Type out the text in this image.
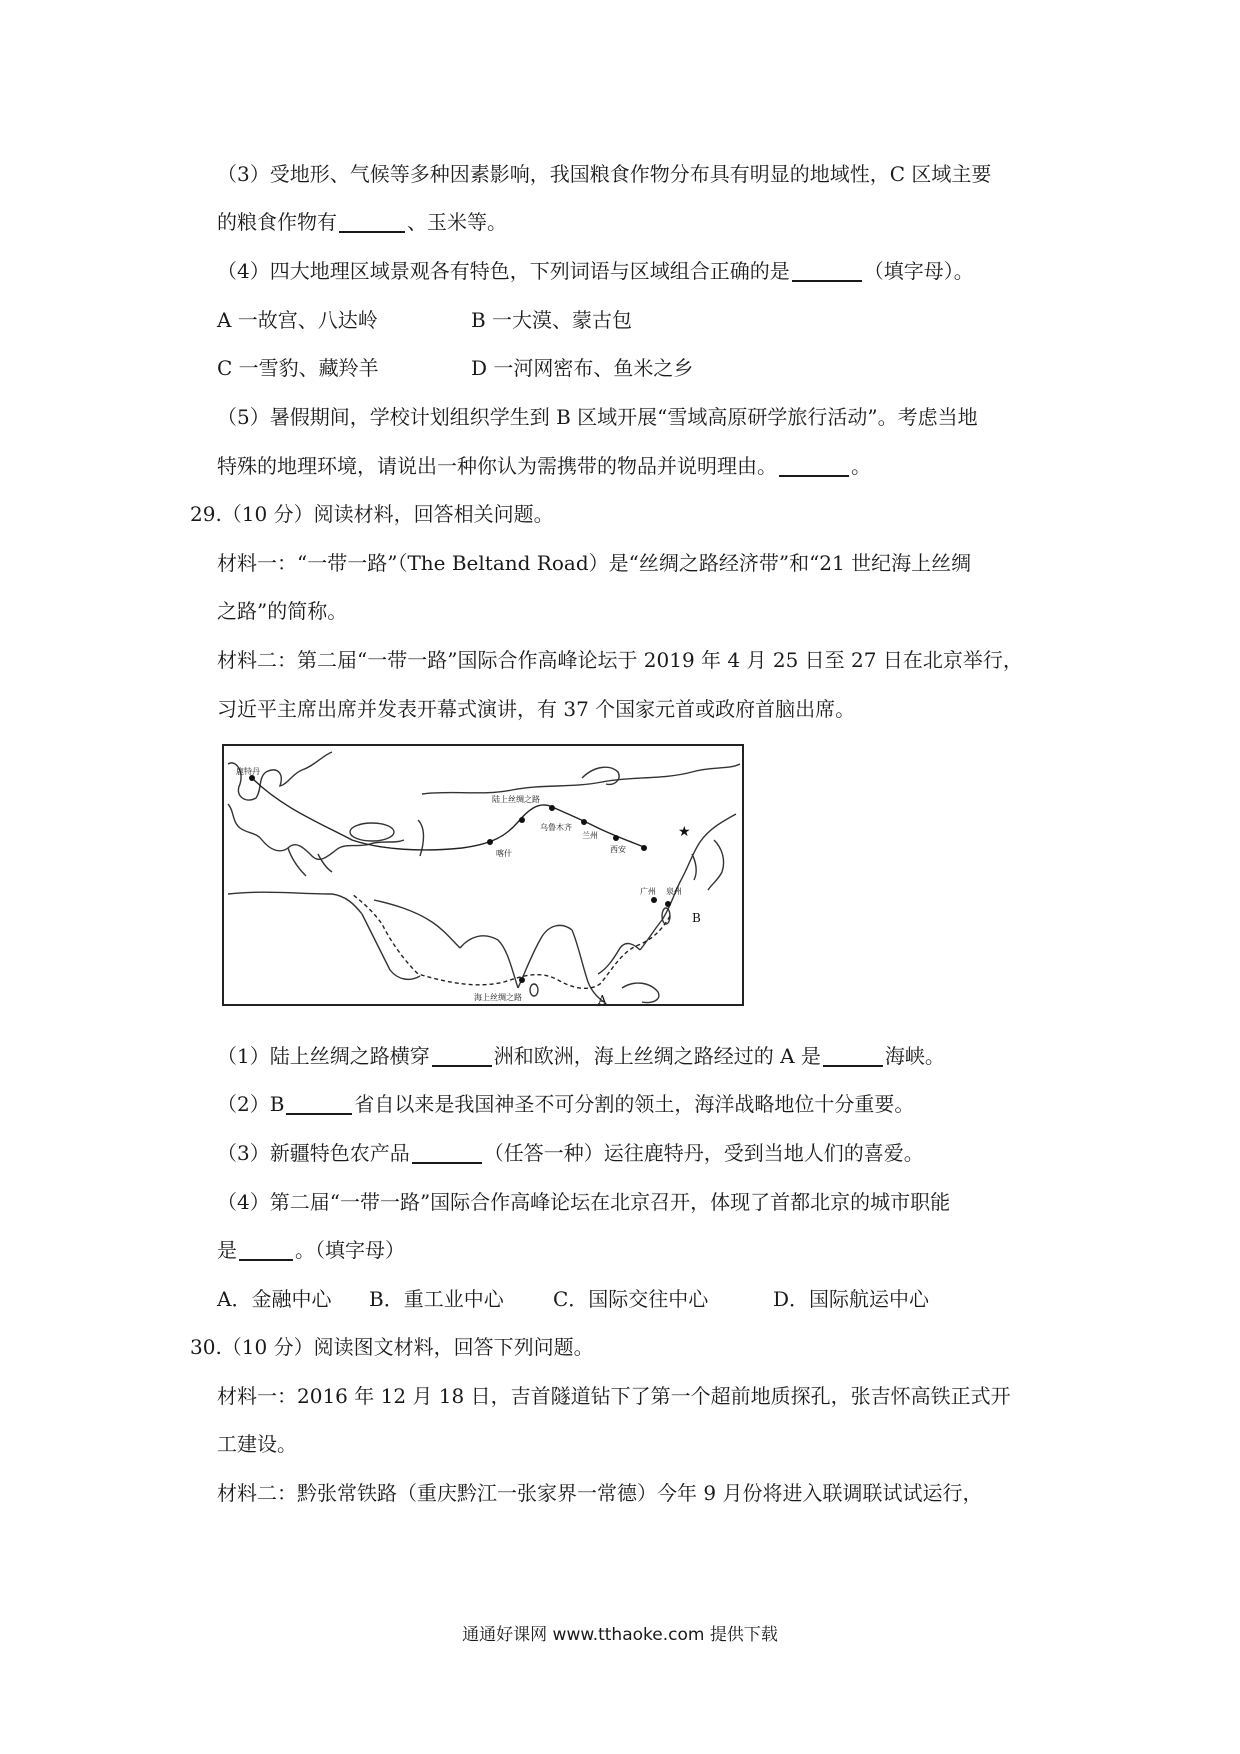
（3）受地形、气候等多种因素影响，我国粮食作物分布具有明显的地域性，C 区域主要
的粮食作物有	、玉米等。
（4）四大地理区域景观各有特色，下列词语与区域组合正确的是	（填字母）。
A 一故宫、八达岭	B 一大漠、蒙古包
C 一雪豹、藏羚羊	D 一河网密布、鱼米之乡
（5）暑假期间，学校计划组织学生到 B 区域开展“雪域高原研学旅行活动”。考虑当地
特殊的地理环境，请说出一种你认为需携带的物品并说明理由。	。
29.（10 分）阅读材料，回答相关问题。
材料一：“一带一路”（The Beltand Road）是“丝绸之路经济带”和“21 世纪海上丝绸
之路”的简称。
材料二：第二届“一带一路”国际合作高峰论坛于 2019 年 4 月 25 日至 27 日在北京举行，
习近平主席出席并发表开幕式演讲，有 37 个国家元首或政府首脑出席。
★
鹿特丹
陆上丝绸之路
喀什
乌鲁木齐
兰州
西安
广州 泉州
海上丝绸之路	A
B
（1）陆上丝绸之路横穿	洲和欧洲，海上丝绸之路经过的 A 是	海峡。
（2）B	省自以来是我国神圣不可分割的领土，海洋战略地位十分重要。
（3）新疆特色农产品	（任答一种）运往鹿特丹，受到当地人们的喜爱。
（4）第二届“一带一路”国际合作高峰论坛在北京召开，体现了首都北京的城市职能
是	。（填字母）
A．金融中心 B．重工业中心 C．国际交往中心	D．国际航运中心
30.（10 分）阅读图文材料，回答下列问题。
材料一：2016 年 12 月 18 日，吉首隧道钻下了第一个超前地质探孔，张吉怀高铁正式开
工建设。
材料二：黔张常铁路（重庆黔江一张家界一常德）今年 9 月份将进入联调联试试运行，
通通好课网 www.tthaoke.com 提供下载
